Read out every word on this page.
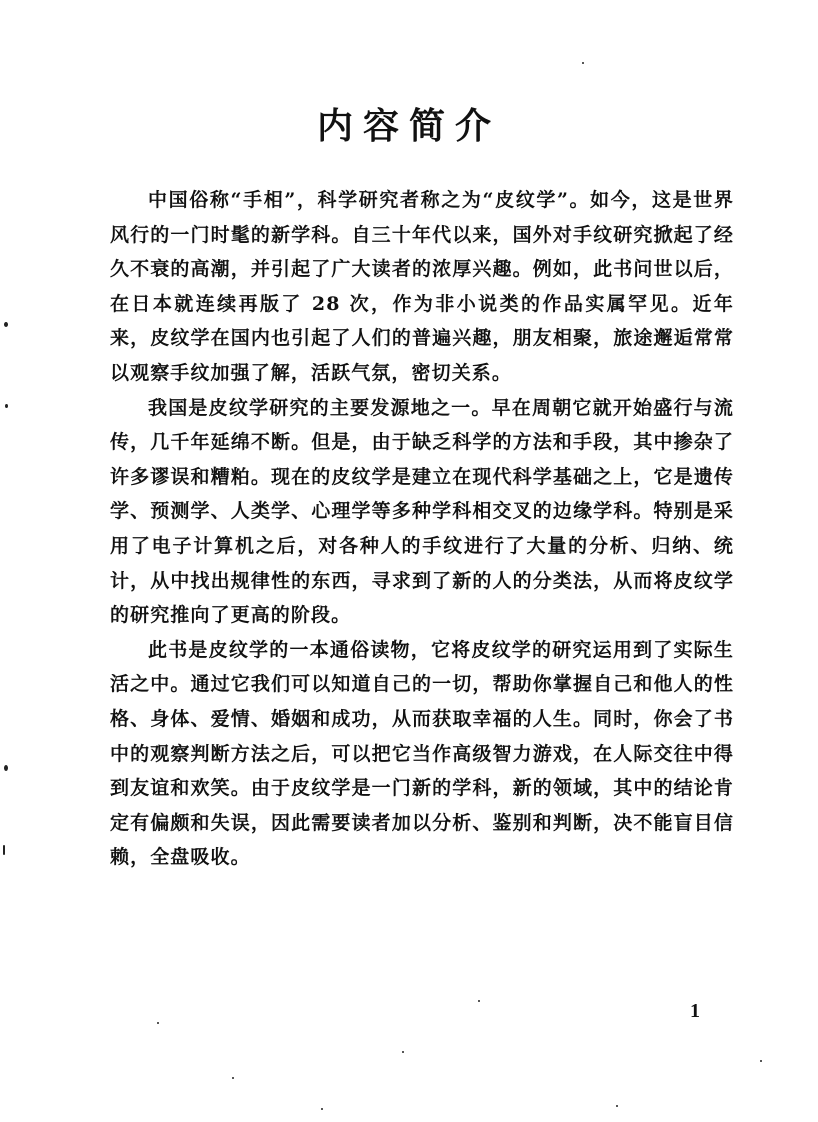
内容简介

中国俗称“手相”，科学研究者称之为“皮纹学”。如今，这是世界风行的一门时髦的新学科。自三十年代以来，国外对手纹研究掀起了经久不衰的高潮，并引起了广大读者的浓厚兴趣。例如，此书问世以后，在日本就连续再版了 28 次，作为非小说类的作品实属罕见。近年来，皮纹学在国内也引起了人们的普遍兴趣，朋友相聚，旅途邂逅常常以观察手纹加强了解，活跃气氛，密切关系。

我国是皮纹学研究的主要发源地之一。早在周朝它就开始盛行与流传，几千年延绵不断。但是，由于缺乏科学的方法和手段，其中掺杂了许多谬误和糟粕。现在的皮纹学是建立在现代科学基础之上，它是遗传学、预测学、人类学、心理学等多种学科相交叉的边缘学科。特别是采用了电子计算机之后，对各种人的手纹进行了大量的分析、归纳、统计，从中找出规律性的东西，寻求到了新的人的分类法，从而将皮纹学的研究推向了更高的阶段。

此书是皮纹学的一本通俗读物，它将皮纹学的研究运用到了实际生活之中。通过它我们可以知道自己的一切，帮助你掌握自己和他人的性格、身体、爱情、婚姻和成功，从而获取幸福的人生。同时，你会了书中的观察判断方法之后，可以把它当作高级智力游戏，在人际交往中得到友谊和欢笑。由于皮纹学是一门新的学科，新的领域，其中的结论肯定有偏颇和失误，因此需要读者加以分析、鉴别和判断，决不能盲目信赖，全盘吸收。

1
